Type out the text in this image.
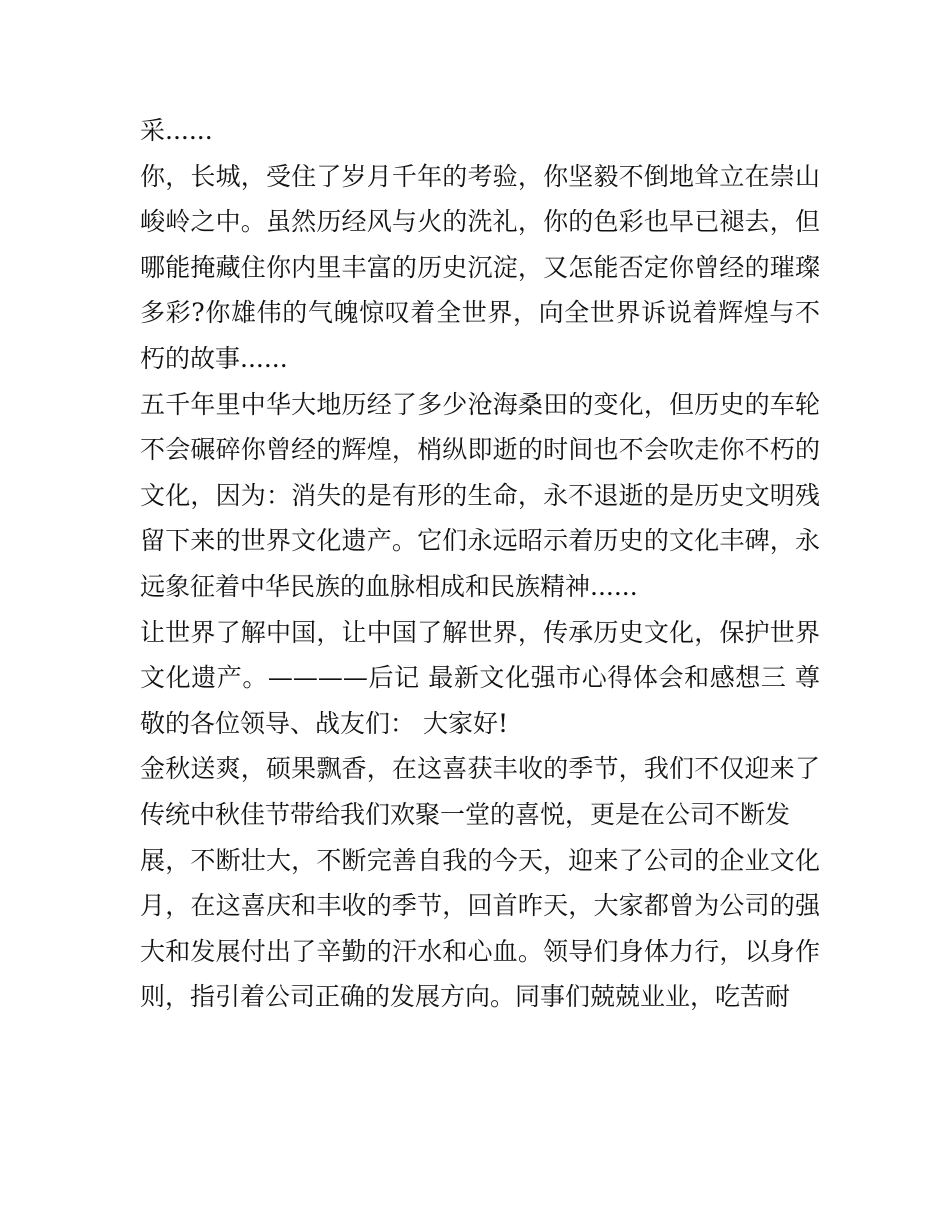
采......
你，长城，受住了岁月千年的考验，你坚毅不倒地耸立在崇山
峻岭之中。虽然历经风与火的洗礼，你的色彩也早已褪去，但
哪能掩藏住你内里丰富的历史沉淀，又怎能否定你曾经的璀璨
多彩?你雄伟的气魄惊叹着全世界，向全世界诉说着辉煌与不
朽的故事......
五千年里中华大地历经了多少沧海桑田的变化，但历史的车轮
不会碾碎你曾经的辉煌，梢纵即逝的时间也不会吹走你不朽的
文化，因为：消失的是有形的生命，永不退逝的是历史文明残
留下来的世界文化遗产。它们永远昭示着历史的文化丰碑，永
远象征着中华民族的血脉相成和民族精神......
让世界了解中国，让中国了解世界，传承历史文化，保护世界
文化遗产。————后记 最新文化强市心得体会和感想三 尊
敬的各位领导、战友们： 大家好!
金秋送爽，硕果飘香，在这喜获丰收的季节，我们不仅迎来了
传统中秋佳节带给我们欢聚一堂的喜悦，更是在公司不断发
展，不断壮大，不断完善自我的今天，迎来了公司的企业文化
月，在这喜庆和丰收的季节，回首昨天，大家都曾为公司的强
大和发展付出了辛勤的汗水和心血。领导们身体力行，以身作
则，指引着公司正确的发展方向。同事们兢兢业业，吃苦耐
